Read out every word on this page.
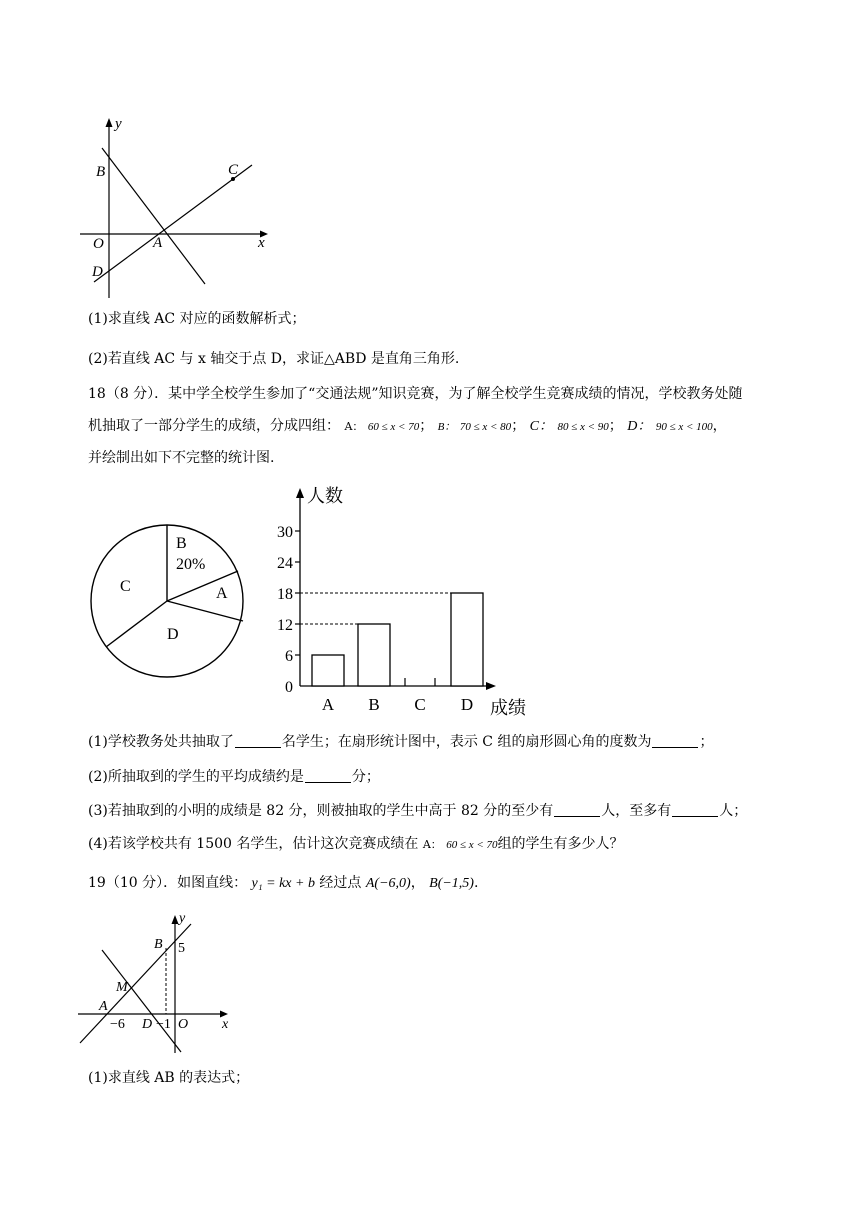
y
B	C
O	A	x
D
(1)求直线 AC 对应的函数解析式；
(2)若直线 AC 与 x 轴交于点 D，求证△ABD 是直角三角形.
18（8 分）．某中学全校学生参加了“交通法规”知识竞赛，为了解全校学生竞赛成绩的情况，学校教务处随
机抽取了一部分学生的成绩，分成四组： A： 60 ≤ x < 70； B： 70 ≤ x < 80； C： 80 ≤ x < 90； D： 90 ≤ x < 100，
并绘制出如下不完整的统计图.
B
20%
C	A
D
人数
成绩
0
6
12
18
24
30
A B C D
(1)学校教务处共抽取了	名学生；在扇形统计图中，表示 C 组的扇形圆心角的度数为	；
(2)所抽取到的学生的平均成绩约是	分；
(3)若抽取到的小明的成绩是 82 分，则被抽取的学生中高于 82 分的至少有	人，至多有	人；
(4)若该学校共有 1500 名学生，估计这次竞赛成绩在 A： 60 ≤ x < 70组的学生有多少人？
19（10 分）．如图直线： y₁ = kx + b 经过点 A(−6,0)， B(−1,5).
y
B 5
M
A
−6 D −1 O x
(1)求直线 AB 的表达式；
